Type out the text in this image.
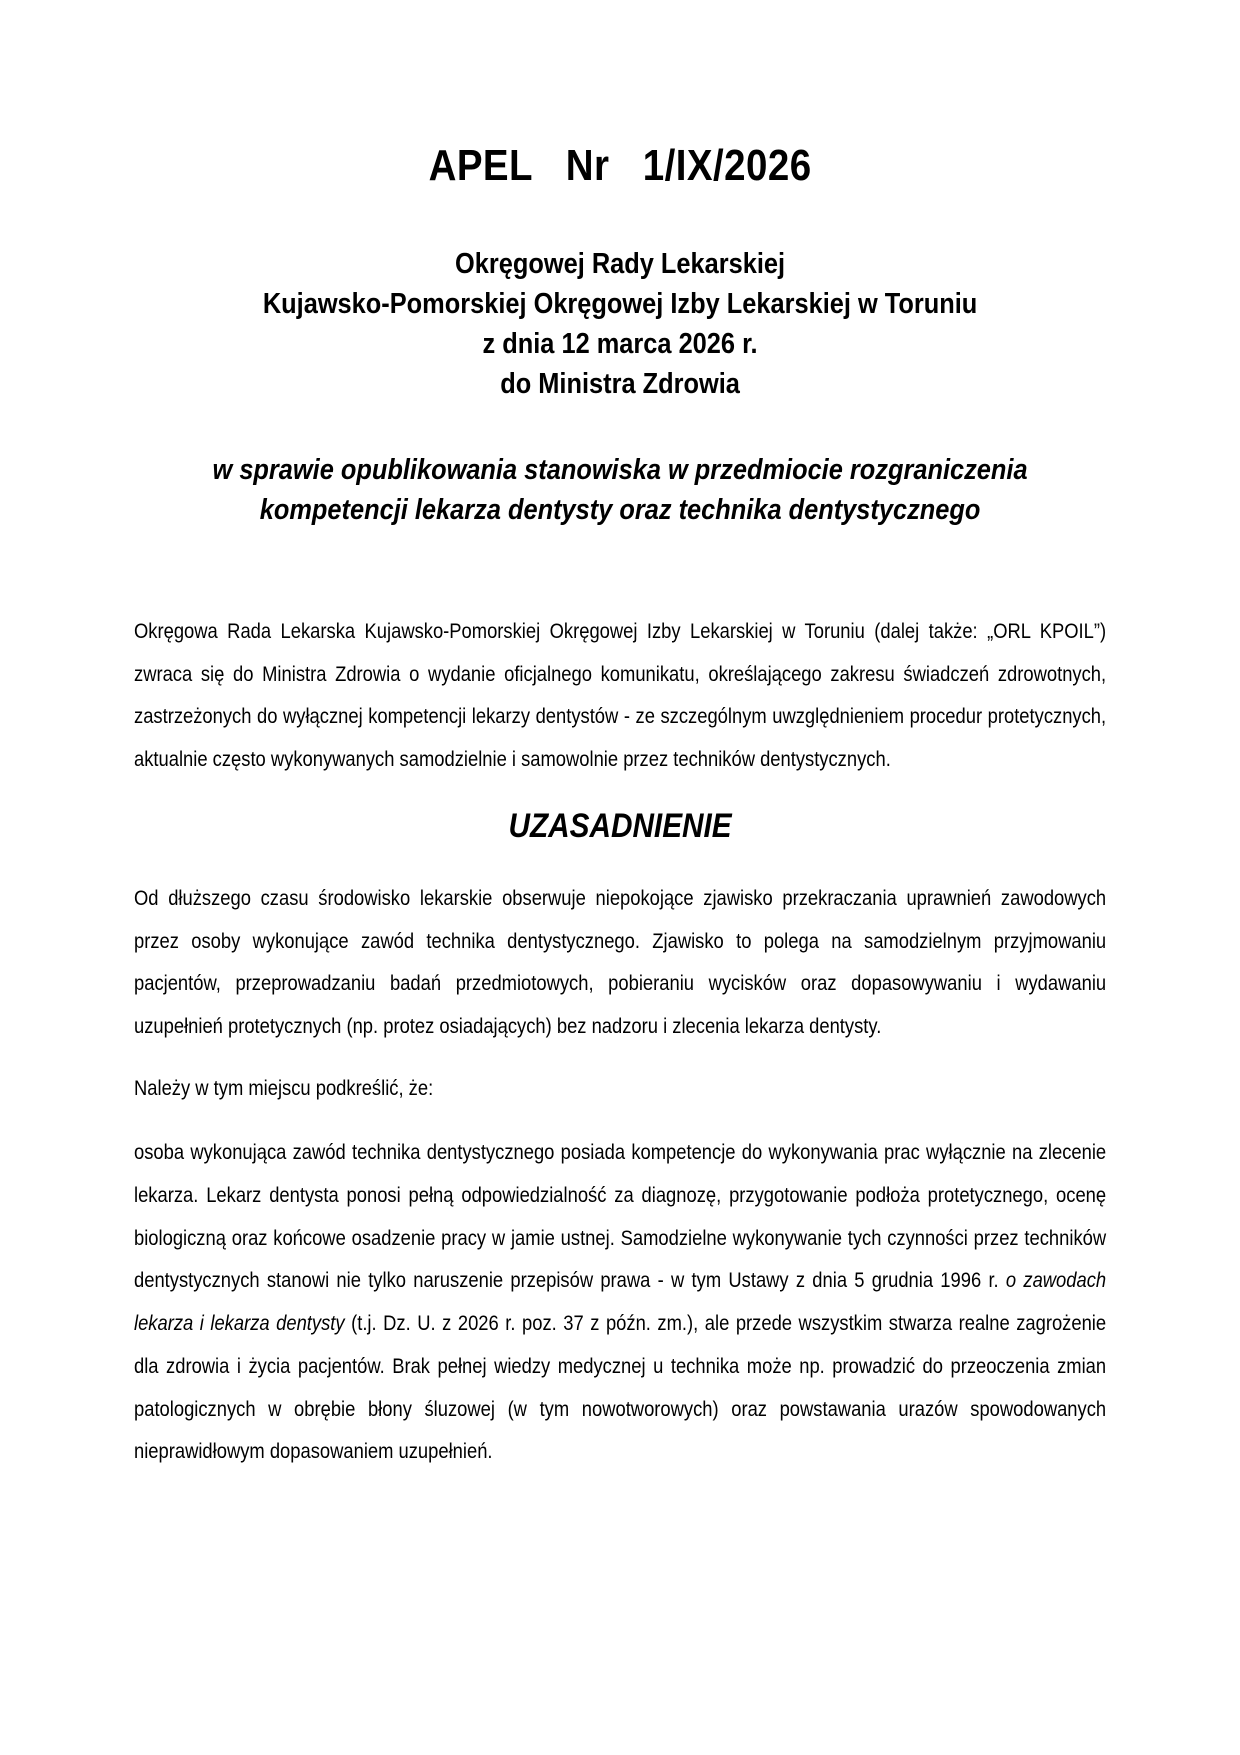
APEL   Nr   1/IX/2026

Okręgowej Rady Lekarskiej

Kujawsko-Pomorskiej Okręgowej Izby Lekarskiej w Toruniu

z dnia 12 marca 2026 r.

do Ministra Zdrowia

w sprawie opublikowania stanowiska w przedmiocie rozgraniczenia

kompetencji lekarza dentysty oraz technika dentystycznego

Okręgowa Rada Lekarska Kujawsko-Pomorskiej Okręgowej Izby Lekarskiej w Toruniu (dalej także: „ORL KPOIL”) zwraca się do Ministra Zdrowia o wydanie oficjalnego komunikatu, określającego zakresu świadczeń zdrowotnych, zastrzeżonych do wyłącznej kompetencji lekarzy dentystów - ze szczególnym uwzględnieniem procedur protetycznych, aktualnie często wykonywanych samodzielnie i samowolnie przez techników dentystycznych.

UZASADNIENIE

Od dłuższego czasu środowisko lekarskie obserwuje niepokojące zjawisko przekraczania uprawnień zawodowych przez osoby wykonujące zawód technika dentystycznego. Zjawisko to polega na samodzielnym przyjmowaniu pacjentów, przeprowadzaniu badań przedmiotowych, pobieraniu wycisków oraz dopasowywaniu i wydawaniu uzupełnień protetycznych (np. protez osiadających) bez nadzoru i zlecenia lekarza dentysty.

Należy w tym miejscu podkreślić, że:

osoba wykonująca zawód technika dentystycznego posiada kompetencje do wykonywania prac wyłącznie na zlecenie lekarza. Lekarz dentysta ponosi pełną odpowiedzialność za diagnozę, przygotowanie podłoża protetycznego, ocenę biologiczną oraz końcowe osadzenie pracy w jamie ustnej. Samodzielne wykonywanie tych czynności przez techników dentystycznych stanowi nie tylko naruszenie przepisów prawa - w tym Ustawy z dnia 5 grudnia 1996 r. o zawodach lekarza i lekarza dentysty (t.j. Dz. U. z 2026 r. poz. 37 z późn. zm.), ale przede wszystkim stwarza realne zagrożenie dla zdrowia i życia pacjentów. Brak pełnej wiedzy medycznej u technika może np. prowadzić do przeoczenia zmian patologicznych w obrębie błony śluzowej (w tym nowotworowych) oraz powstawania urazów spowodowanych nieprawidłowym dopasowaniem uzupełnień.
